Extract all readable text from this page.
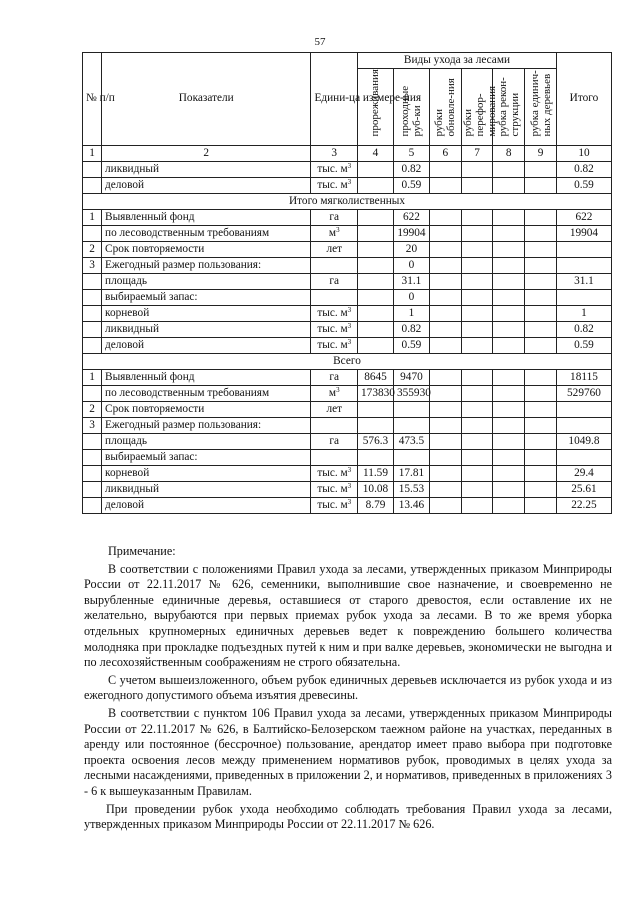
57
№ п/п	Показатели	Едини-ца из-мере-ния	Виды ухода за лесами						Итого
			прореживания	проходные руб-ки	рубки обновле-ния	рубки перефор-мирования	рубка рекон-струкции	рубка единич-ных деревьев	
1	2	3	4	5	6	7	8	9	10
	ликвидный	тыс. $м^3$		0.82					0.82
	деловой	тыс. $м^3$		0.59					0.59
Итого мягколиственных									
1	Выявленный фонд	га		622					622
	по лесоводственным требованиям	$м^3$		19904					19904
2	Срок повторяемости	лет		20					
3	Ежегодный размер пользования:			0					
	площадь	га		31.1					31.1
	выбираемый запас:			0					
	корневой	тыс. $м^3$		1					1
	ликвидный	тыс. $м^3$		0.82					0.82
	деловой	тыс. $м^3$		0.59					0.59
Всего									
1	Выявленный фонд	га	8645	9470					18115
	по лесоводственным требованиям	$м^3$	173830	355930					529760
2	Срок повторяемости	лет							
3	Ежегодный размер пользования:								
	площадь	га	576.3	473.5					1049.8
	выбираемый запас:								
	корневой	тыс. $м^3$	11.59	17.81					29.4
	ликвидный	тыс. $м^3$	10.08	15.53					25.61
	деловой	тыс. $м^3$	8.79	13.46					22.25

Примечание:

В соответствии с положениями Правил ухода за лесами, утвержденных приказом Минприроды России от 22.11.2017 № 626, семенники, выполнившие свое назначение, и своевременно не вырубленные единичные деревья, оставшиеся от старого древостоя, если оставление их не желательно, вырубаются при первых приемах рубок ухода за лесами. В то же время уборка отдельных крупномерных единичных деревьев ведет к повреждению большего количества молодняка при прокладке подъездных путей к ним и при валке деревьев, экономически не выгодна и по лесохозяйственным соображениям не строго обязательна.

С учетом вышеизложенного, объем рубок единичных деревьев исключается из рубок ухода и из ежегодного допустимого объема изъятия древесины.

В соответствии с пунктом 106 Правил ухода за лесами, утвержденных приказом Минприроды России от 22.11.2017 № 626, в Балтийско-Белозерском таежном районе на участках, переданных в аренду или постоянное (бессрочное) пользование, арендатор имеет право выбора при подготовке проекта освоения лесов между применением нормативов рубок, проводимых в целях ухода за лесными насаждениями, приведенных в приложении 2, и нормативов, приведенных в приложениях 3 - 6 к вышеуказанным Правилам.

При проведении рубок ухода необходимо соблюдать требования Правил ухода за лесами, утвержденных приказом Минприроды России от 22.11.2017 № 626.
